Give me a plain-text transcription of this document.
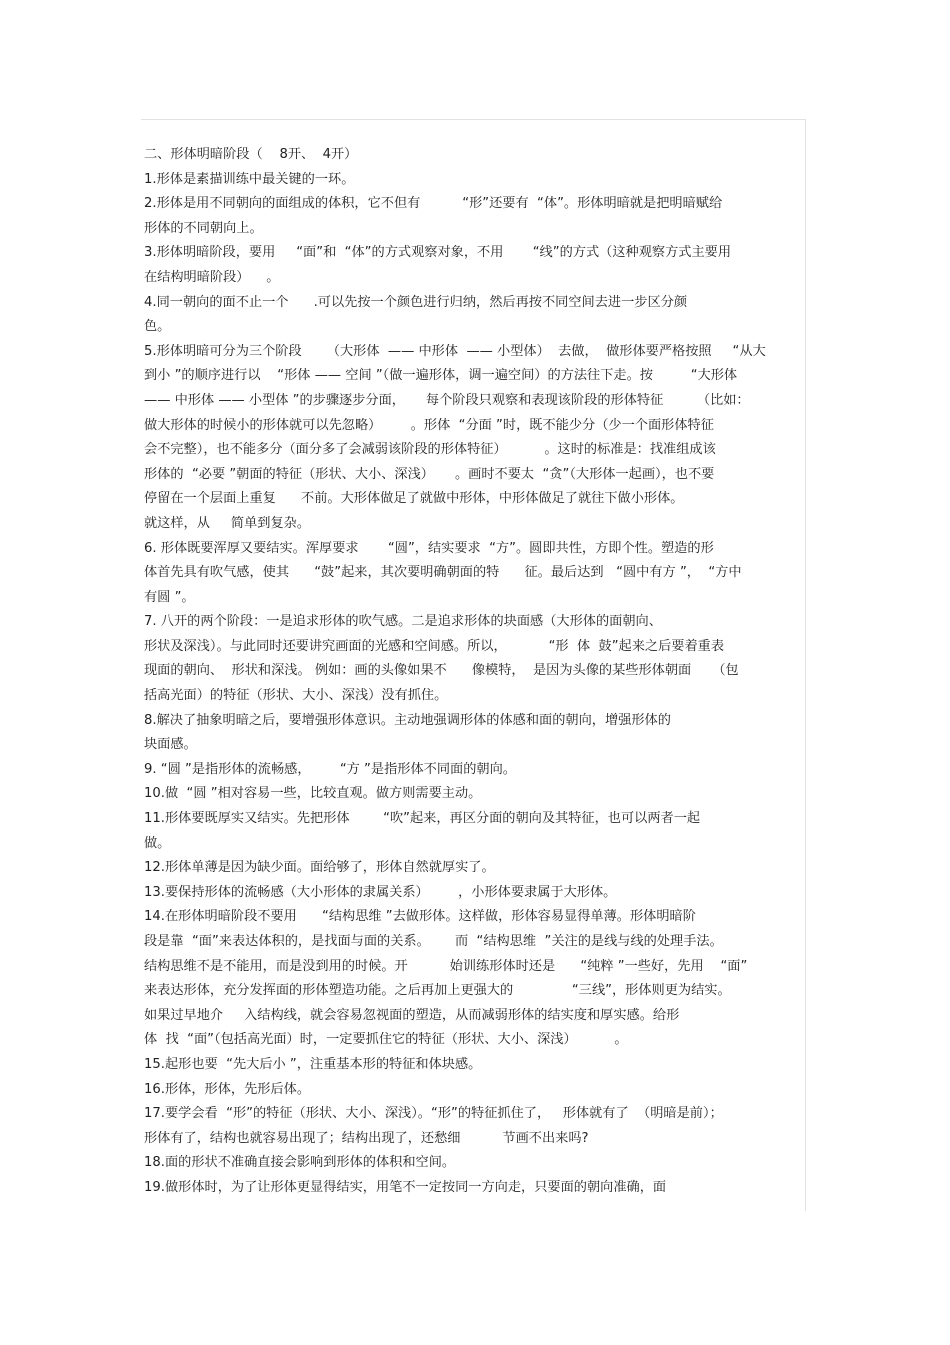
二、形体明暗阶段（    8开、  4开）
1.形体是素描训练中最关键的一环。
2.形体是用不同朝向的面组成的体积，它不但有          “形”还要有  “体”。形体明暗就是把明暗赋给
形体的不同朝向上。
3.形体明暗阶段，要用     “面”和  “体”的方式观察对象，不用       “线”的方式（这种观察方式主要用
在结构明暗阶段）    。
4.同一朝向的面不止一个      .可以先按一个颜色进行归纳，然后再按不同空间去进一步区分颜
色。
5.形体明暗可分为三个阶段      （大形体  —— 中形体  —— 小型体）  去做，  做形体要严格按照     “从大
到小 ”的顺序进行以    “形体 —— 空间 ”（做一遍形体，调一遍空间）的方法往下走。按         “大形体
—— 中形体 —— 小型体 ”的步骤逐步分面，     每个阶段只观察和表现该阶段的形体特征        （比如：
做大形体的时候小的形体就可以先忽略）       。形体  “分面 ”时，既不能少分（少一个面形体特征
会不完整），也不能多分（面分多了会减弱该阶段的形体特征）         。这时的标准是：找准组成该
形体的  “必要 ”朝面的特征（形状、大小、深浅）     。画时不要太  “贪”（大形体一起画），也不要
停留在一个层面上重复      不前。大形体做足了就做中形体，中形体做足了就往下做小形体。
就这样，从     简单到复杂。
6. 形体既要浑厚又要结实。浑厚要求       “圆”，结实要求  “方”。圆即共性，方即个性。塑造的形
体首先具有吹气感，使其      “鼓”起来，其次要明确朝面的特      征。最后达到   “圆中有方 ”，  “方中
有圆 ”。
7. 八开的两个阶段：一是追求形体的吹气感。二是追求形体的块面感（大形体的面朝向、
形状及深浅）。与此同时还要讲究画面的光感和空间感。所以，          “形  体  鼓”起来之后要着重表
现面的朝向、  形状和深浅。 例如：画的头像如果不      像模特，  是因为头像的某些形体朝面     （包
括高光面）的特征（形状、大小、深浅）没有抓住。
8.解决了抽象明暗之后，要增强形体意识。主动地强调形体的体感和面的朝向，增强形体的
块面感。
9. “圆 ”是指形体的流畅感，       “方 ”是指形体不同面的朝向。
10.做  “圆 ”相对容易一些，比较直观。做方则需要主动。
11.形体要既厚实又结实。先把形体        “吹”起来，再区分面的朝向及其特征，也可以两者一起
做。
12.形体单薄是因为缺少面。面给够了，形体自然就厚实了。
13.要保持形体的流畅感（大小形体的隶属关系）       ，小形体要隶属于大形体。
14.在形体明暗阶段不要用      “结构思维 ”去做形体。这样做，形体容易显得单薄。形体明暗阶
段是靠  “面”来表达体积的，是找面与面的关系。      而  “结构思维  ”关注的是线与线的处理手法。
结构思维不是不能用，而是没到用的时候。开          始训练形体时还是      “纯粹 ”一些好，先用    “面”
来表达形体，充分发挥面的形体塑造功能。之后再加上更强大的              “三线”，形体则更为结实。
如果过早地介     入结构线，就会容易忽视面的塑造，从而减弱形体的结实度和厚实感。给形
体  找  “面”（包括高光面）时，一定要抓住它的特征（形状、大小、深浅）         。
15.起形也要  “先大后小 ”，注重基本形的特征和体块感。
16.形体，形体，先形后体。
17.要学会看  “形”的特征（形状、大小、深浅）。“形”的特征抓住了，   形体就有了  （明暗是前）；
形体有了，结构也就容易出现了；结构出现了，还愁细          节画不出来吗?
18.面的形状不准确直接会影响到形体的体积和空间。
19.做形体时，为了让形体更显得结实，用笔不一定按同一方向走，只要面的朝向准确，面
